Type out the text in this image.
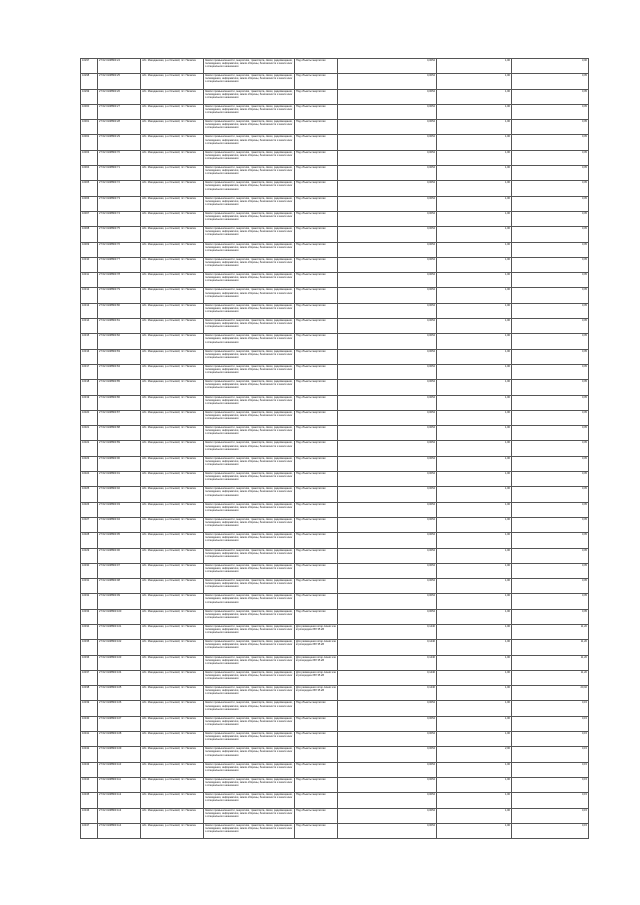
10297	27:02:0108803:24	обл. Магаданская, р-н Ольский, пгт. Палатка	Земли промышленности, энергетики, транспорта, связи, радиовещания, телевидения, информатики, земли обороны, безопасности и земли иного специального назначения	Под объекты энергетики	0,0054	1,00	0,00
10298	27:02:0108803:25	обл. Магаданская, р-н Ольский, пгт. Палатка	Земли промышленности, энергетики, транспорта, связи, радиовещания, телевидения, информатики, земли обороны, безопасности и земли иного специального назначения	Под объекты энергетики	0,0054	1,00	0,05
10299	27:02:0108803:26	обл. Магаданская, р-н Ольский, пгт. Палатка	Земли промышленности, энергетики, транспорта, связи, радиовещания, телевидения, информатики, земли обороны, безопасности и земли иного специального назначения	Под объекты энергетики	0,0054	1,00	0,05
10300	27:02:0108803:27	обл. Магаданская, р-н Ольский, пгт. Палатка	Земли промышленности, энергетики, транспорта, связи, радиовещания, телевидения, информатики, земли обороны, безопасности и земли иного специального назначения	Под объекты энергетики	0,0054	1,00	0,05
10301	27:02:0108803:28	обл. Магаданская, р-н Ольский, пгт. Палатка	Земли промышленности, энергетики, транспорта, связи, радиовещания, телевидения, информатики, земли обороны, безопасности и земли иного специального назначения	Под объекты энергетики	0,0054	1,00	0,05
10302	27:02:0108803:29	обл. Магаданская, р-н Ольский, пгт. Палатка	Земли промышленности, энергетики, транспорта, связи, радиовещания, телевидения, информатики, земли обороны, безопасности и земли иного специального назначения	Под объекты энергетики	0,0054	1,00	0,05
10303	27:02:0108803:70	обл. Магаданская, р-н Ольский, пгт. Палатка	Земли промышленности, энергетики, транспорта, связи, радиовещания, телевидения, информатики, земли обороны, безопасности и земли иного специального назначения	Под объекты энергетики	0,0054	1,00	0,05
10304	27:02:0108803:71	обл. Магаданская, р-н Ольский, пгт. Палатка	Земли промышленности, энергетики, транспорта, связи, радиовещания, телевидения, информатики, земли обороны, безопасности и земли иного специального назначения	Под объекты энергетики	0,0054	1,00	0,05
10305	27:02:0108803:72	обл. Магаданская, р-н Ольский, пгт. Палатка	Земли промышленности, энергетики, транспорта, связи, радиовещания, телевидения, информатики, земли обороны, безопасности и земли иного специального назначения	Под объекты энергетики	0,0054	1,00	0,05
10306	27:02:0108803:73	обл. Магаданская, р-н Ольский, пгт. Палатка	Земли промышленности, энергетики, транспорта, связи, радиовещания, телевидения, информатики, земли обороны, безопасности и земли иного специального назначения	Под объекты энергетики	0,0054	1,00	0,05
10307	27:02:0108803:74	обл. Магаданская, р-н Ольский, пгт. Палатка	Земли промышленности, энергетики, транспорта, связи, радиовещания, телевидения, информатики, земли обороны, безопасности и земли иного специального назначения	Под объекты энергетики	0,0054	1,00	0,05
10308	27:02:0108803:75	обл. Магаданская, р-н Ольский, пгт. Палатка	Земли промышленности, энергетики, транспорта, связи, радиовещания, телевидения, информатики, земли обороны, безопасности и земли иного специального назначения	Под объекты энергетики	0,0054	1,00	0,05
10309	27:02:0108803:76	обл. Магаданская, р-н Ольский, пгт. Палатка	Земли промышленности, энергетики, транспорта, связи, радиовещания, телевидения, информатики, земли обороны, безопасности и земли иного специального назначения	Под объекты энергетики	0,0054	1,00	0,05
10310	27:02:0108803:77	обл. Магаданская, р-н Ольский, пгт. Палатка	Земли промышленности, энергетики, транспорта, связи, радиовещания, телевидения, информатики, земли обороны, безопасности и земли иного специального назначения	Под объекты энергетики	0,0054	1,00	0,05
10311	27:02:0108803:78	обл. Магаданская, р-н Ольский, пгт. Палатка	Земли промышленности, энергетики, транспорта, связи, радиовещания, телевидения, информатики, земли обороны, безопасности и земли иного специального назначения	Под объекты энергетики	0,0054	1,00	0,05
10312	27:02:0108803:79	обл. Магаданская, р-н Ольский, пгт. Палатка	Земли промышленности, энергетики, транспорта, связи, радиовещания, телевидения, информатики, земли обороны, безопасности и земли иного специального назначения	Под объекты энергетики	0,0054	1,00	0,05
10313	27:02:0108803:80	обл. Магаданская, р-н Ольский, пгт. Палатка	Земли промышленности, энергетики, транспорта, связи, радиовещания, телевидения, информатики, земли обороны, безопасности и земли иного специального назначения	Под объекты энергетики	0,0054	1,00	0,05
10314	27:02:0108803:81	обл. Магаданская, р-н Ольский, пгт. Палатка	Земли промышленности, энергетики, транспорта, связи, радиовещания, телевидения, информатики, земли обороны, безопасности и земли иного специального назначения	Под объекты энергетики	0,0054	1,00	0,05
10315	27:02:0108803:82	обл. Магаданская, р-н Ольский, пгт. Палатка	Земли промышленности, энергетики, транспорта, связи, радиовещания, телевидения, информатики, земли обороны, безопасности и земли иного специального назначения	Под объекты энергетики	0,0054	1,00	0,05
10316	27:02:0108803:83	обл. Магаданская, р-н Ольский, пгт. Палатка	Земли промышленности, энергетики, транспорта, связи, радиовещания, телевидения, информатики, земли обороны, безопасности и земли иного специального назначения	Под объекты энергетики	0,0054	1,00	0,05
10317	27:02:0108803:84	обл. Магаданская, р-н Ольский, пгт. Палатка	Земли промышленности, энергетики, транспорта, связи, радиовещания, телевидения, информатики, земли обороны, безопасности и земли иного специального назначения	Под объекты энергетики	0,0054	1,00	0,05
10318	27:02:0108803:85	обл. Магаданская, р-н Ольский, пгт. Палатка	Земли промышленности, энергетики, транспорта, связи, радиовещания, телевидения, информатики, земли обороны, безопасности и земли иного специального назначения	Под объекты энергетики	0,0054	1,00	0,05
10319	27:02:0108803:86	обл. Магаданская, р-н Ольский, пгт. Палатка	Земли промышленности, энергетики, транспорта, связи, радиовещания, телевидения, информатики, земли обороны, безопасности и земли иного специального назначения	Под объекты энергетики	0,0054	1,00	0,05
10320	27:02:0108803:87	обл. Магаданская, р-н Ольский, пгт. Палатка	Земли промышленности, энергетики, транспорта, связи, радиовещания, телевидения, информатики, земли обороны, безопасности и земли иного специального назначения	Под объекты энергетики	0,0054	1,00	0,05
10321	27:02:0108803:88	обл. Магаданская, р-н Ольский, пгт. Палатка	Земли промышленности, энергетики, транспорта, связи, радиовещания, телевидения, информатики, земли обороны, безопасности и земли иного специального назначения	Под объекты энергетики	0,0054	1,00	0,05
10322	27:02:0108803:89	обл. Магаданская, р-н Ольский, пгт. Палатка	Земли промышленности, энергетики, транспорта, связи, радиовещания, телевидения, информатики, земли обороны, безопасности и земли иного специального назначения	Под объекты энергетики	0,0054	1,00	0,05
10323	27:02:0108803:90	обл. Магаданская, р-н Ольский, пгт. Палатка	Земли промышленности, энергетики, транспорта, связи, радиовещания, телевидения, информатики, земли обороны, безопасности и земли иного специального назначения	Под объекты энергетики	0,0054	1,00	0,05
10324	27:02:0108803:91	обл. Магаданская, р-н Ольский, пгт. Палатка	Земли промышленности, энергетики, транспорта, связи, радиовещания, телевидения, информатики, земли обороны, безопасности и земли иного специального назначения	Под объекты энергетики	0,0054	1,00	0,05
10325	27:02:0108803:92	обл. Магаданская, р-н Ольский, пгт. Палатка	Земли промышленности, энергетики, транспорта, связи, радиовещания, телевидения, информатики, земли обороны, безопасности и земли иного специального назначения	Под объекты энергетики	0,0054	1,00	0,05
10326	27:02:0108803:93	обл. Магаданская, р-н Ольский, пгт. Палатка	Земли промышленности, энергетики, транспорта, связи, радиовещания, телевидения, информатики, земли обороны, безопасности и земли иного специального назначения	Под объекты энергетики	0,0054	1,00	0,05
10327	27:02:0108803:94	обл. Магаданская, р-н Ольский, пгт. Палатка	Земли промышленности, энергетики, транспорта, связи, радиовещания, телевидения, информатики, земли обороны, безопасности и земли иного специального назначения	Под объекты энергетики	0,0054	1,00	0,05
10328	27:02:0108803:95	обл. Магаданская, р-н Ольский, пгт. Палатка	Земли промышленности, энергетики, транспорта, связи, радиовещания, телевидения, информатики, земли обороны, безопасности и земли иного специального назначения	Под объекты энергетики	0,0054	1,00	0,05
10329	27:02:0108803:96	обл. Магаданская, р-н Ольский, пгт. Палатка	Земли промышленности, энергетики, транспорта, связи, радиовещания, телевидения, информатики, земли обороны, безопасности и земли иного специального назначения	Под объекты энергетики	0,0054	1,00	0,05
10330	27:02:0108803:97	обл. Магаданская, р-н Ольский, пгт. Палатка	Земли промышленности, энергетики, транспорта, связи, радиовещания, телевидения, информатики, земли обороны, безопасности и земли иного специального назначения	Под объекты энергетики	0,0054	1,00	0,05
10331	27:02:0108803:98	обл. Магаданская, р-н Ольский, пгт. Палатка	Земли промышленности, энергетики, транспорта, связи, радиовещания, телевидения, информатики, земли обороны, безопасности и земли иного специального назначения	Под объекты энергетики	0,0054	1,00	0,05
10332	27:02:0108803:99	обл. Магаданская, р-н Ольский, пгт. Палатка	Земли промышленности, энергетики, транспорта, связи, радиовещания, телевидения, информатики, земли обороны, безопасности и земли иного специального назначения	Под объекты энергетики	0,0054	1,00	0,05
10333	27:02:0108803:100	обл. Магаданская, р-н Ольский, пгт. Палатка	Земли промышленности, энергетики, транспорта, связи, радиовещания, телевидения, информатики, земли обороны, безопасности и земли иного специального назначения	Под объекты энергетики	0,0054	1,00	0,05
10334	27:02:0108803:101	обл. Магаданская, р-н Ольский, пгт. Палатка	Земли промышленности, энергетики, транспорта, связи, радиовещания, телевидения, информатики, земли обороны, безопасности и земли иного специального назначения	Для размещения опор линии электропередачи ВЛ 35 кВ	0,1440	1,00	11,20
10335	27:02:0108803:102	обл. Магаданская, р-н Ольский, пгт. Палатка	Земли промышленности, энергетики, транспорта, связи, радиовещания, телевидения, информатики, земли обороны, безопасности и земли иного специального назначения	Для размещения опор линии электропередачи ВЛ 35 кВ	0,1440	1,00	11,20
10336	27:02:0108803:103	обл. Магаданская, р-н Ольский, пгт. Палатка	Земли промышленности, энергетики, транспорта, связи, радиовещания, телевидения, информатики, земли обороны, безопасности и земли иного специального назначения	Для размещения опор линии электропередачи ВЛ 35 кВ	0,1440	1,00	11,20
10337	27:02:0108803:104	обл. Магаданская, р-н Ольский, пгт. Палатка	Земли промышленности, энергетики, транспорта, связи, радиовещания, телевидения, информатики, земли обороны, безопасности и земли иного специального назначения	Для размещения опор линии электропередачи ВЛ 35 кВ	0,1440	1,00	11,20
10338	27:02:0108803:105	обл. Магаданская, р-н Ольский, пгт. Палатка	Земли промышленности, энергетики, транспорта, связи, радиовещания, телевидения, информатики, земли обороны, безопасности и земли иного специального назначения	Для размещения опор линии электропередачи ВЛ 35 кВ	0,1440	1,00	20,02
10339	27:02:0108803:106	обл. Магаданская, р-н Ольский, пгт. Палатка	Земли промышленности, энергетики, транспорта, связи, радиовещания, телевидения, информатики, земли обороны, безопасности и земли иного специального назначения	Под объекты энергетики	0,0054	1,00	0,15
10340	27:02:0108803:107	обл. Магаданская, р-н Ольский, пгт. Палатка	Земли промышленности, энергетики, транспорта, связи, радиовещания, телевидения, информатики, земли обороны, безопасности и земли иного специального назначения	Под объекты энергетики	0,0054	1,00	0,15
10341	27:02:0108803:108	обл. Магаданская, р-н Ольский, пгт. Палатка	Земли промышленности, энергетики, транспорта, связи, радиовещания, телевидения, информатики, земли обороны, безопасности и земли иного специального назначения	Под объекты энергетики	0,0054	1,00	0,15
10342	27:02:0108803:109	обл. Магаданская, р-н Ольский, пгт. Палатка	Земли промышленности, энергетики, транспорта, связи, радиовещания, телевидения, информатики, земли обороны, безопасности и земли иного специального назначения	Под объекты энергетики	0,0054	2,00	0,15
10343	27:02:0108803:110	обл. Магаданская, р-н Ольский, пгт. Палатка	Земли промышленности, энергетики, транспорта, связи, радиовещания, телевидения, информатики, земли обороны, безопасности и земли иного специального назначения	Под объекты энергетики	0,0054	1,00	0,15
10344	27:02:0108803:111	обл. Магаданская, р-н Ольский, пгт. Палатка	Земли промышленности, энергетики, транспорта, связи, радиовещания, телевидения, информатики, земли обороны, безопасности и земли иного специального назначения	Под объекты энергетики	0,0054	1,00	0,15
10345	27:02:0108803:112	обл. Магаданская, р-н Ольский, пгт. Палатка	Земли промышленности, энергетики, транспорта, связи, радиовещания, телевидения, информатики, земли обороны, безопасности и земли иного специального назначения	Под объекты энергетики	0,0054	1,00	0,15
10346	27:02:0108803:113	обл. Магаданская, р-н Ольский, пгт. Палатка	Земли промышленности, энергетики, транспорта, связи, радиовещания, телевидения, информатики, земли обороны, безопасности и земли иного специального назначения	Под объекты энергетики	0,0054	1,00	0,15
10347	27:02:0108803:114	обл. Магаданская, р-н Ольский, пгт. Палатка	Земли промышленности, энергетики, транспорта, связи, радиовещания, телевидения, информатики, земли обороны, безопасности и земли иного специального назначения	Под объекты энергетики	0,0054	1,00	0,15
